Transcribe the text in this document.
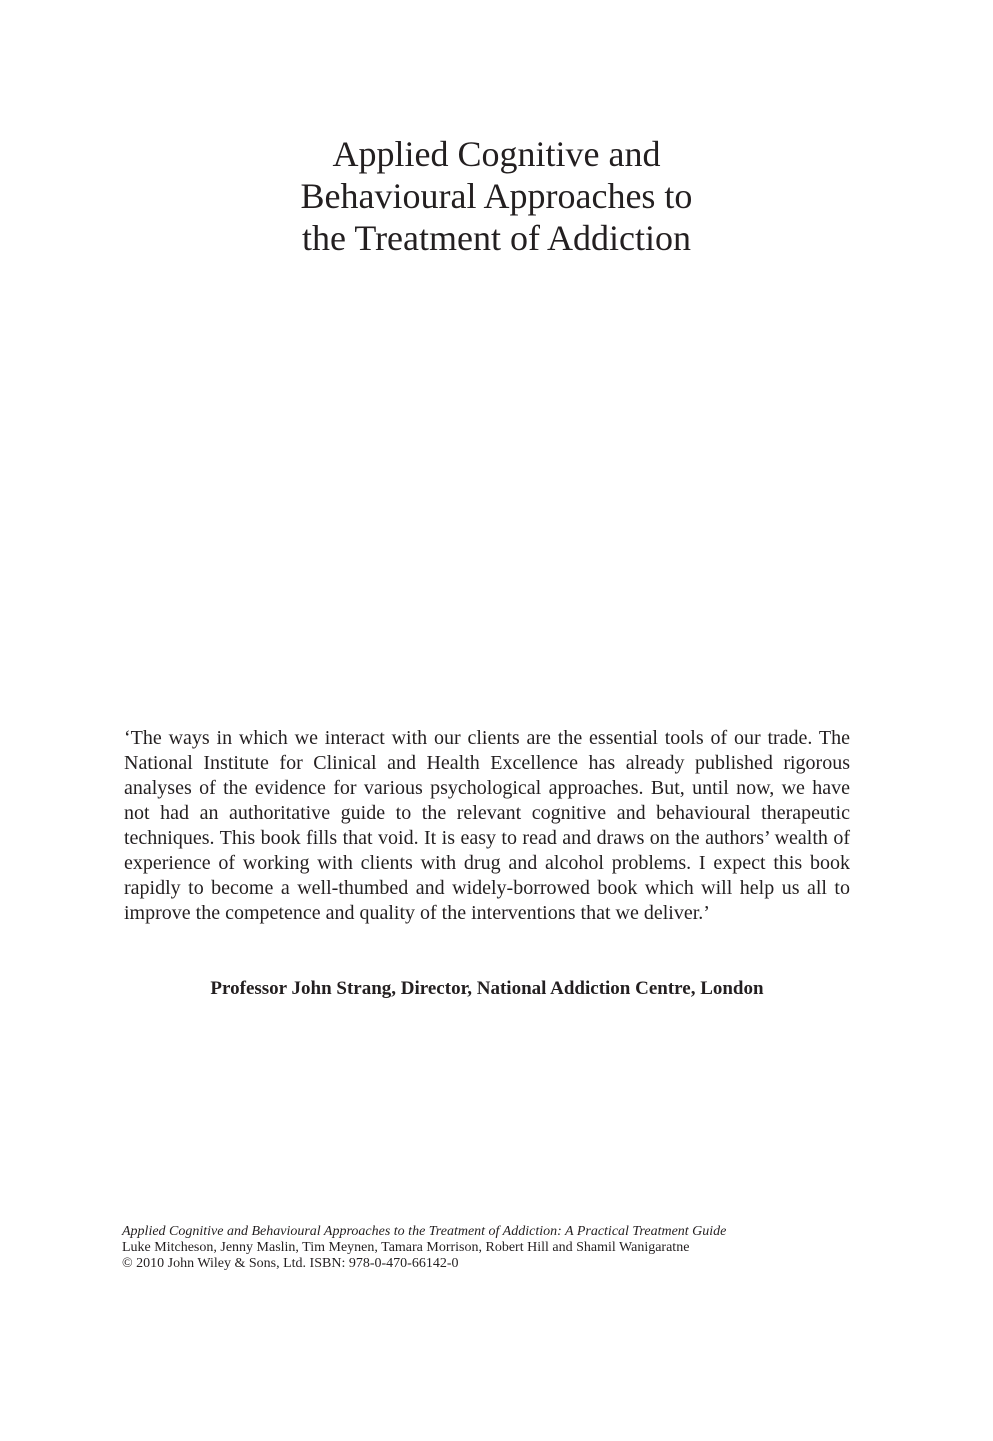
Applied Cognitive and
Behavioural Approaches to
the Treatment of Addiction

‘The ways in which we interact with our clients are the essential tools of our trade. The National Institute for Clinical and Health Excellence has already published rigorous analyses of the evidence for various psychological approaches. But, until now, we have not had an authoritative guide to the relevant cognitive and behavioural therapeutic techniques. This book fills that void. It is easy to read and draws on the authors’ wealth of experience of working with clients with drug and alcohol problems. I expect this book rapidly to become a well-thumbed and widely-borrowed book which will help us all to improve the competence and quality of the interventions that we deliver.’

Professor John Strang, Director, National Addiction Centre, London

Applied Cognitive and Behavioural Approaches to the Treatment of Addiction: A Practical Treatment Guide
Luke Mitcheson, Jenny Maslin, Tim Meynen, Tamara Morrison, Robert Hill and Shamil Wanigaratne
© 2010 John Wiley & Sons, Ltd. ISBN: 978-0-470-66142-0
